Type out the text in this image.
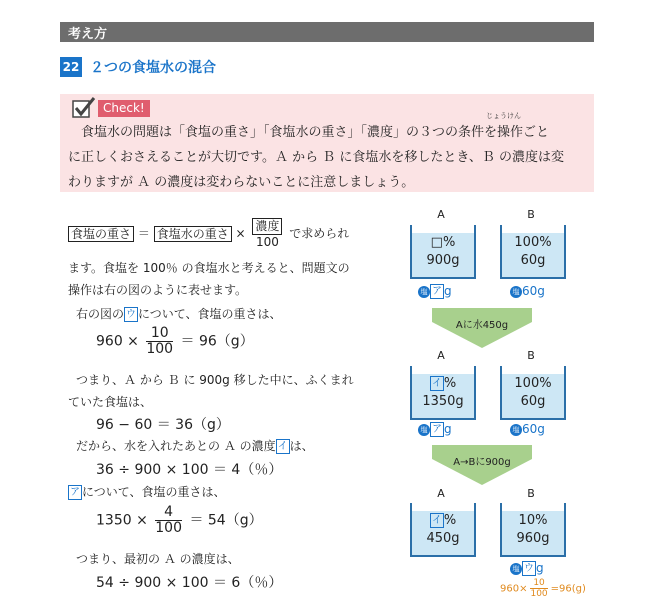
考え方
22 ２つの食塩水の混合
Check!
じょうけん

食塩水の問題は「食塩の重さ」「食塩水の重さ」「濃度」の３つの条件を操作ごと

に正しくおさえることが大切です。Ａ から Ｂ に食塩水を移したとき、Ｂ の濃度は変

わりますが Ａ の濃度は変わらないことに注意しましょう。

食塩の重さ ＝ 食塩水の重さ × $\frac{\text{濃度}}{100}$ で求められ
ます。食塩を 100％ の食塩水と考えると、問題文の
操作は右の図のように表せます。
右の図の ウ について、食塩の重さは、
$960 \times \frac{10}{100} = 96(g)$
つまり、Ａ から Ｂ に 900g 移した中に、ふくまれ
ていた食塩は、
96 − 60 ＝ 36（g）
だから、水を入れたあとの Ａ の濃度 イ は、
36 ÷ 900 × 100 ＝ 4（％）
ア について、食塩の重さは、
$1350 \times \frac{4}{100} = 54(g)$
つまり、最初の Ａ の濃度は、
54 ÷ 900 × 100 ＝ 6（％）
A	B
□%
900g
100%
60g
塩 ア g	塩 60g
Aに水450g
A	B
イ %
1350g
100%
60g
塩 ア g	塩 60g
A→Bに900g
A	B
イ %
450g
10%
960g
塩 ウ g
$960\times \frac{10}{100} =96(g)$
